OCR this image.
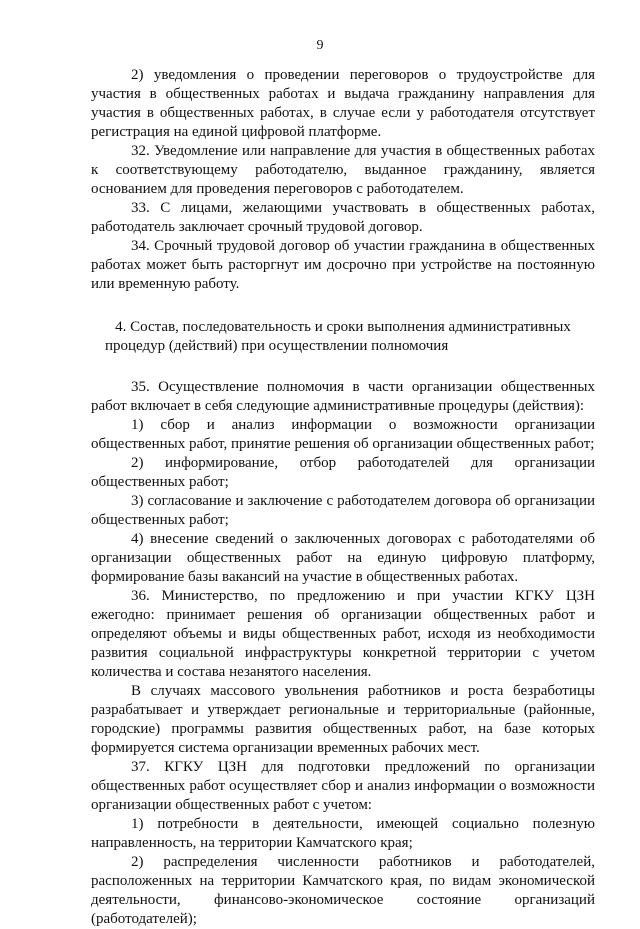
9

2) уведомления о проведении переговоров о трудоустройстве для участия в общественных работах и выдача гражданину направления для участия в общественных работах, в случае если у работодателя отсутствует регистрация на единой цифровой платформе.

32. Уведомление или направление для участия в общественных работах к соответствующему работодателю, выданное гражданину, является основанием для проведения переговоров с работодателем.

33. С лицами, желающими участвовать в общественных работах, работодатель заключает срочный трудовой договор.

34. Срочный трудовой договор об участии гражданина в общественных работах может быть расторгнут им досрочно при устройстве на постоянную или временную работу.

4. Состав, последовательность и сроки выполнения административных процедур (действий) при осуществлении полномочия

35. Осуществление полномочия в части организации общественных работ включает в себя следующие административные процедуры (действия):

1) сбор и анализ информации о возможности организации общественных работ, принятие решения об организации общественных работ;

2) информирование, отбор работодателей для организации общественных работ;

3) согласование и заключение с работодателем договора об организации общественных работ;

4) внесение сведений о заключенных договорах с работодателями об организации общественных работ на единую цифровую платформу, формирование базы вакансий на участие в общественных работах.

36. Министерство, по предложению и при участии КГКУ ЦЗН ежегодно: принимает решения об организации общественных работ и определяют объемы и виды общественных работ, исходя из необходимости развития социальной инфраструктуры конкретной территории с учетом количества и состава незанятого населения.

В случаях массового увольнения работников и роста безработицы разрабатывает и утверждает региональные и территориальные (районные, городские) программы развития общественных работ, на базе которых формируется система организации временных рабочих мест.

37. КГКУ ЦЗН для подготовки предложений по организации общественных работ осуществляет сбор и анализ информации о возможности организации общественных работ с учетом:

1) потребности в деятельности, имеющей социально полезную направленность, на территории Камчатского края;

2) распределения численности работников и работодателей, расположенных на территории Камчатского края, по видам экономической деятельности, финансово-экономическое состояние организаций (работодателей);
